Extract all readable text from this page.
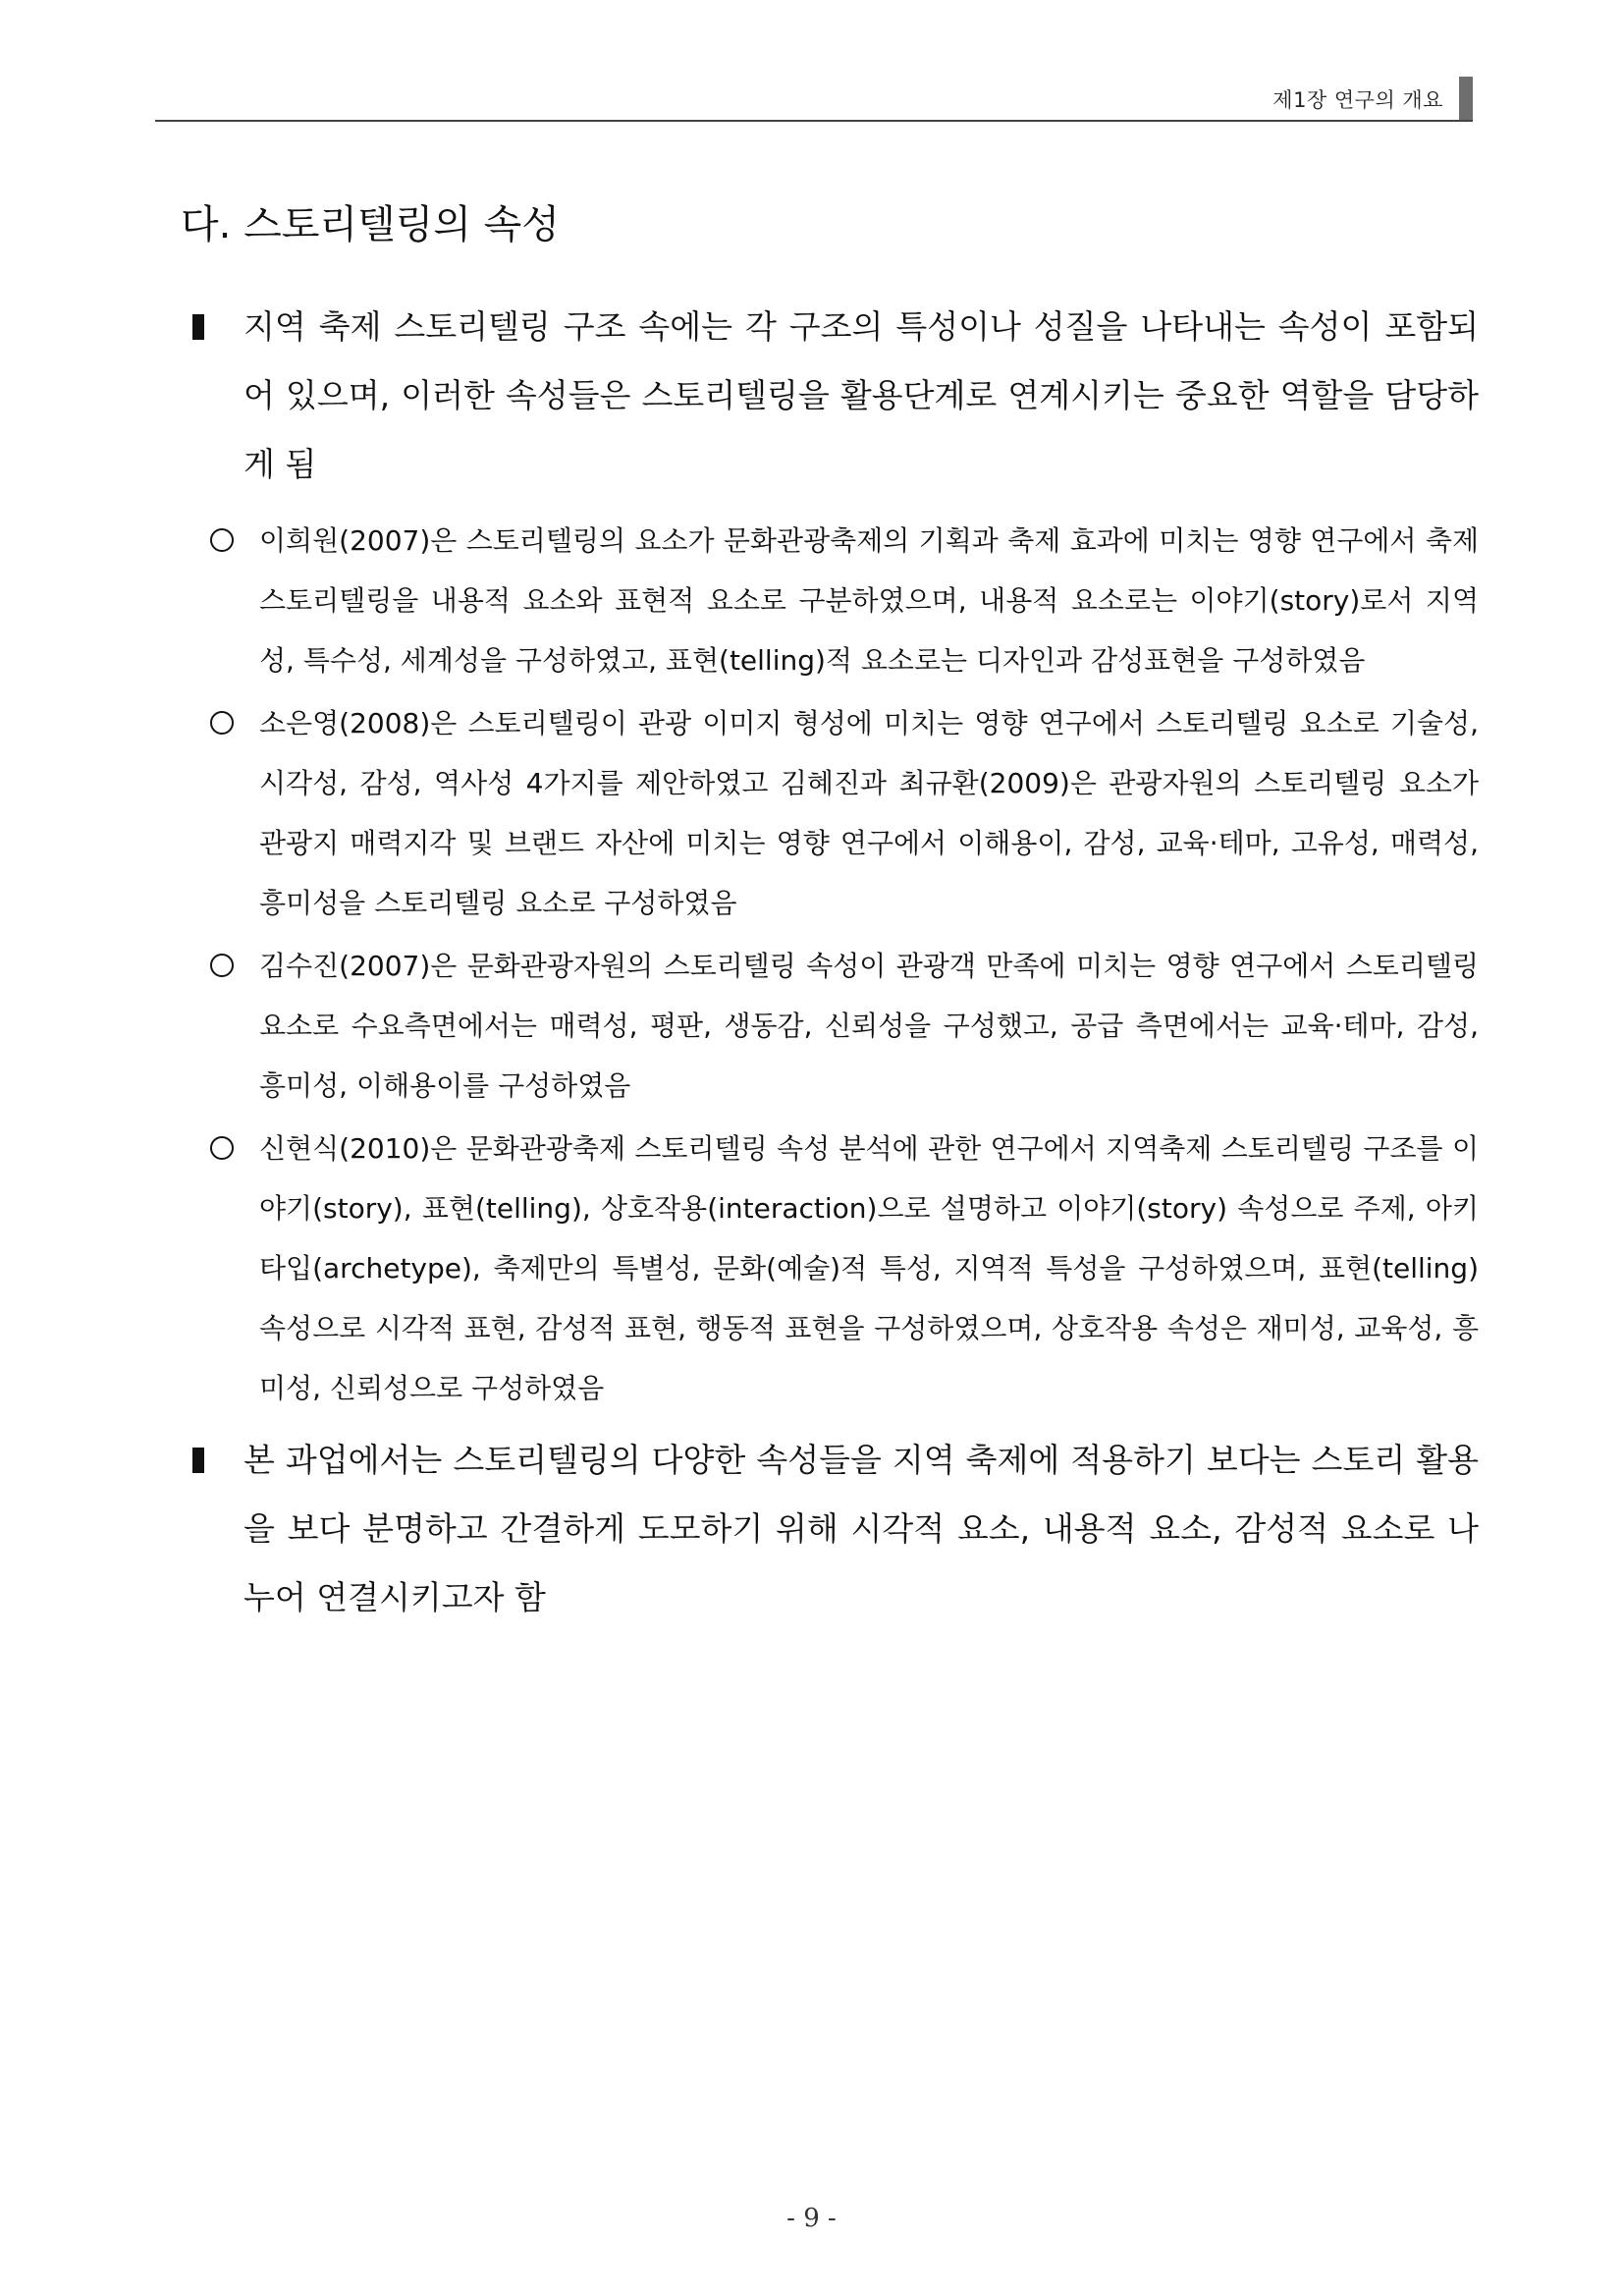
제1장 연구의 개요
다. 스토리텔링의 속성
지역 축제 스토리텔링 구조 속에는 각 구조의 특성이나 성질을 나타내는 속성이 포함되어 있으며, 이러한 속성들은 스토리텔링을 활용단계로 연계시키는 중요한 역할을 담당하게 됨
이희원(2007)은 스토리텔링의 요소가 문화관광축제의 기획과 축제 효과에 미치는 영향 연구에서 축제 스토리텔링을 내용적 요소와 표현적 요소로 구분하였으며, 내용적 요소로는 이야기(story)로서 지역성, 특수성, 세계성을 구성하였고, 표현(telling)적 요소로는 디자인과 감성표현을 구성하였음
소은영(2008)은 스토리텔링이 관광 이미지 형성에 미치는 영향 연구에서 스토리텔링 요소로 기술성, 시각성, 감성, 역사성 4가지를 제안하였고 김혜진과 최규환(2009)은 관광자원의 스토리텔링 요소가 관광지 매력지각 및 브랜드 자산에 미치는 영향 연구에서 이해용이, 감성, 교육·테마, 고유성, 매력성, 흥미성을 스토리텔링 요소로 구성하였음
김수진(2007)은 문화관광자원의 스토리텔링 속성이 관광객 만족에 미치는 영향 연구에서 스토리텔링 요소로 수요측면에서는 매력성, 평판, 생동감, 신뢰성을 구성했고, 공급 측면에서는 교육·테마, 감성, 흥미성, 이해용이를 구성하였음
신현식(2010)은 문화관광축제 스토리텔링 속성 분석에 관한 연구에서 지역축제 스토리텔링 구조를 이야기(story), 표현(telling), 상호작용(interaction)으로 설명하고 이야기(story) 속성으로 주제, 아키타입(archetype), 축제만의 특별성, 문화(예술)적 특성, 지역적 특성을 구성하였으며, 표현(telling) 속성으로 시각적 표현, 감성적 표현, 행동적 표현을 구성하였으며, 상호작용 속성은 재미성, 교육성, 흥미성, 신뢰성으로 구성하였음
본 과업에서는 스토리텔링의 다양한 속성들을 지역 축제에 적용하기 보다는 스토리 활용을 보다 분명하고 간결하게 도모하기 위해 시각적 요소, 내용적 요소, 감성적 요소로 나누어 연결시키고자 함
- 9 -
